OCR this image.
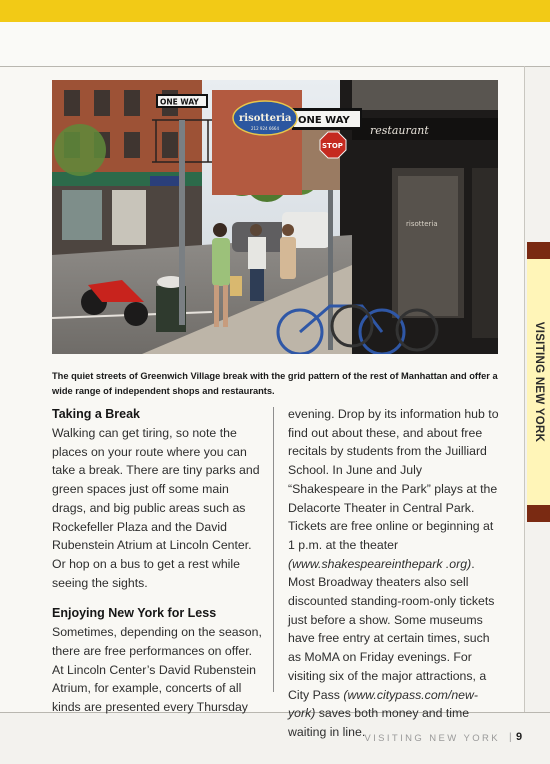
VISITING NEW YORK
restaurant
risotteria
ONE WAY
ONE WAY
risotteria
212 924 6664
STOP

The quiet streets of Greenwich Village break with the grid pattern of the rest of Manhattan and offer a wide range of independent shops and restaurants.

Taking a Break

Walking can get tiring, so note the places on your route where you can take a break. There are tiny parks and green spaces just off some main drags, and big public areas such as Rockefeller Plaza and the David Rubenstein Atrium at Lincoln Center. Or hop on a bus to get a rest while seeing the sights.

Enjoying New York for Less

Sometimes, depending on the season, there are free performances on offer. At Lincoln Center’s David Rubenstein Atrium, for example, concerts of all kinds are presented every Thursday

evening. Drop by its information hub to find out about these, and about free recitals by students from the Juilliard School. In June and July “Shakespeare in the Park” plays at the Delacorte Theater in Central Park. Tickets are free online or beginning at 1 p.m. at the theater (www.shakespeareinthepark .org). Most Broadway theaters also sell discounted standing-room-only tickets just before a show. Some museums have free entry at certain times, such as MoMA on Friday evenings. For visiting six of the major attractions, a City Pass (www.citypass.com/new-york) saves both money and time waiting in line. VISITING NEW YORK | 9
